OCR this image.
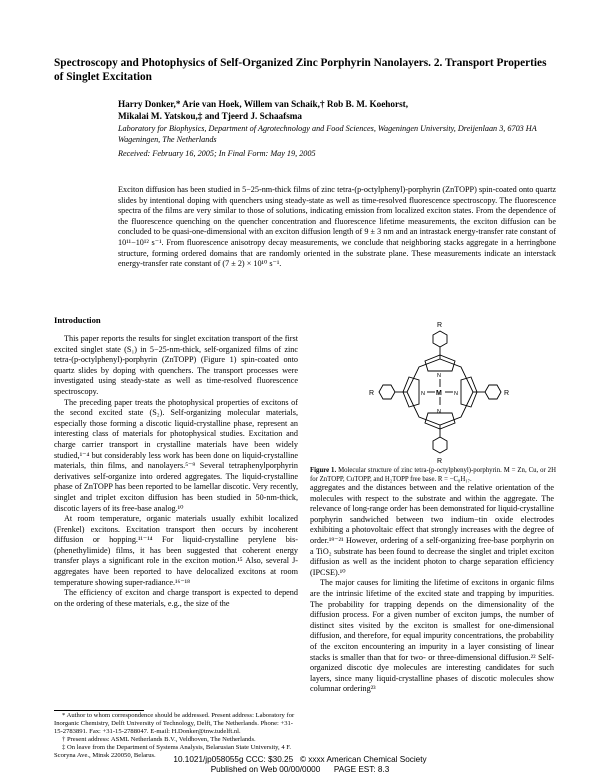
Spectroscopy and Photophysics of Self-Organized Zinc Porphyrin Nanolayers. 2. Transport Properties of Singlet Excitation
Harry Donker,* Arie van Hoek, Willem van Schaik,† Rob B. M. Koehorst,
Mikalai M. Yatskou,‡ and Tjeerd J. Schaafsma
Laboratory for Biophysics, Department of Agrotechnology and Food Sciences, Wageningen University, Dreijenlaan 3, 6703 HA Wageningen, The Netherlands
Received: February 16, 2005; In Final Form: May 19, 2005
Exciton diffusion has been studied in 5−25-nm-thick films of zinc tetra-(p-octylphenyl)-porphyrin (ZnTOPP) spin-coated onto quartz slides by intentional doping with quenchers using steady-state as well as time-resolved fluorescence spectroscopy. The fluorescence spectra of the films are very similar to those of solutions, indicating emission from localized exciton states. From the dependence of the fluorescence quenching on the quencher concentration and fluorescence lifetime measurements, the exciton diffusion can be concluded to be quasi-one-dimensional with an exciton diffusion length of 9 ± 3 nm and an intrastack energy-transfer rate constant of 10¹¹−10¹² s⁻¹. From fluorescence anisotropy decay measurements, we conclude that neighboring stacks aggregate in a herringbone structure, forming ordered domains that are randomly oriented in the substrate plane. These measurements indicate an interstack energy-transfer rate constant of (7 ± 2) × 10¹⁰ s⁻¹.
Introduction

This paper reports the results for singlet excitation transport of the first excited singlet state (S₁) in 5−25-nm-thick, self-organized films of zinc tetra-(p-octylphenyl)-porphyrin (ZnTOPP) (Figure 1) spin-coated onto quartz slides by doping with quenchers. The transport processes were investigated using steady-state as well as time-resolved fluorescence spectroscopy.

The preceding paper treats the photophysical properties of excitons of the second excited state (S₂). Self-organizing molecular materials, especially those forming a discotic liquid-crystalline phase, represent an interesting class of materials for photophysical studies. Excitation and charge carrier transport in crystalline materials have been widely studied,¹⁻⁴ but considerably less work has been done on liquid-crystalline materials, thin films, and nanolayers.⁵⁻⁹ Several tetraphenylporphyrin derivatives self-organize into ordered aggregates. The liquid-crystalline phase of ZnTOPP has been reported to be lamellar discotic. Very recently, singlet and triplet exciton diffusion has been studied in 50-nm-thick, discotic layers of its free-base analog.¹⁰

At room temperature, organic materials usually exhibit localized (Frenkel) excitons. Excitation transport then occurs by incoherent diffusion or hopping.¹¹⁻¹⁴ For liquid-crystalline perylene bis-(phenethylimide) films, it has been suggested that coherent energy transfer plays a significant role in the exciton motion.¹⁵ Also, several J-aggregates have been reported to have delocalized excitons at room temperature showing super-radiance.¹⁶⁻¹⁸

The efficiency of exciton and charge transport is expected to depend on the ordering of these materials, e.g., the size of the

R
R
R	R
M
N
N
N	N
Figure 1. Molecular structure of zinc tetra-(p-octylphenyl)-porphyrin. M = Zn, Cu, or 2H for ZnTOPP, CuTOPP, and H₂TOPP free base. R = −C₈H₁₇.

aggregates and the distances between and the relative orientation of the molecules with respect to the substrate and within the aggregate. The relevance of long-range order has been demonstrated for liquid-crystalline porphyrin sandwiched between two indium−tin oxide electrodes exhibiting a photovoltaic effect that strongly increases with the degree of order.¹⁹⁻²¹ However, ordering of a self-organizing free-base porphyrin on a TiO₂ substrate has been found to decrease the singlet and triplet exciton diffusion as well as the incident photon to charge separation efficiency (IPCSE).¹⁰

The major causes for limiting the lifetime of excitons in organic films are the intrinsic lifetime of the excited state and trapping by impurities. The probability for trapping depends on the dimensionality of the diffusion process. For a given number of exciton jumps, the number of distinct sites visited by the exciton is smallest for one-dimensional diffusion, and therefore, for equal impurity concentrations, the probability of the exciton encountering an impurity in a layer consisting of linear stacks is smaller than that for two- or three-dimensional diffusion.²² Self-organized discotic dye molecules are interesting candidates for such layers, since many liquid-crystalline phases of discotic molecules show columnar ordering²³

* Author to whom correspondence should be addressed. Present address: Laboratory for Inorganic Chemistry, Delft University of Technology, Delft, The Netherlands. Phone: +31-15-2783891. Fax: +31-15-2788047. E-mail: H.Donker@tnw.tudelft.nl.

† Present address: ASML Netherlands B.V., Veldhoven, The Netherlands.

‡ On leave from the Department of Systems Analysis, Belarusian State University, 4 F. Scoryna Ave., Minsk 220050, Belarus.	10.1021/jp058055g CCC: $30.25   © xxxx American Chemical Society
Published on Web 00/00/0000      PAGE EST: 8.3
